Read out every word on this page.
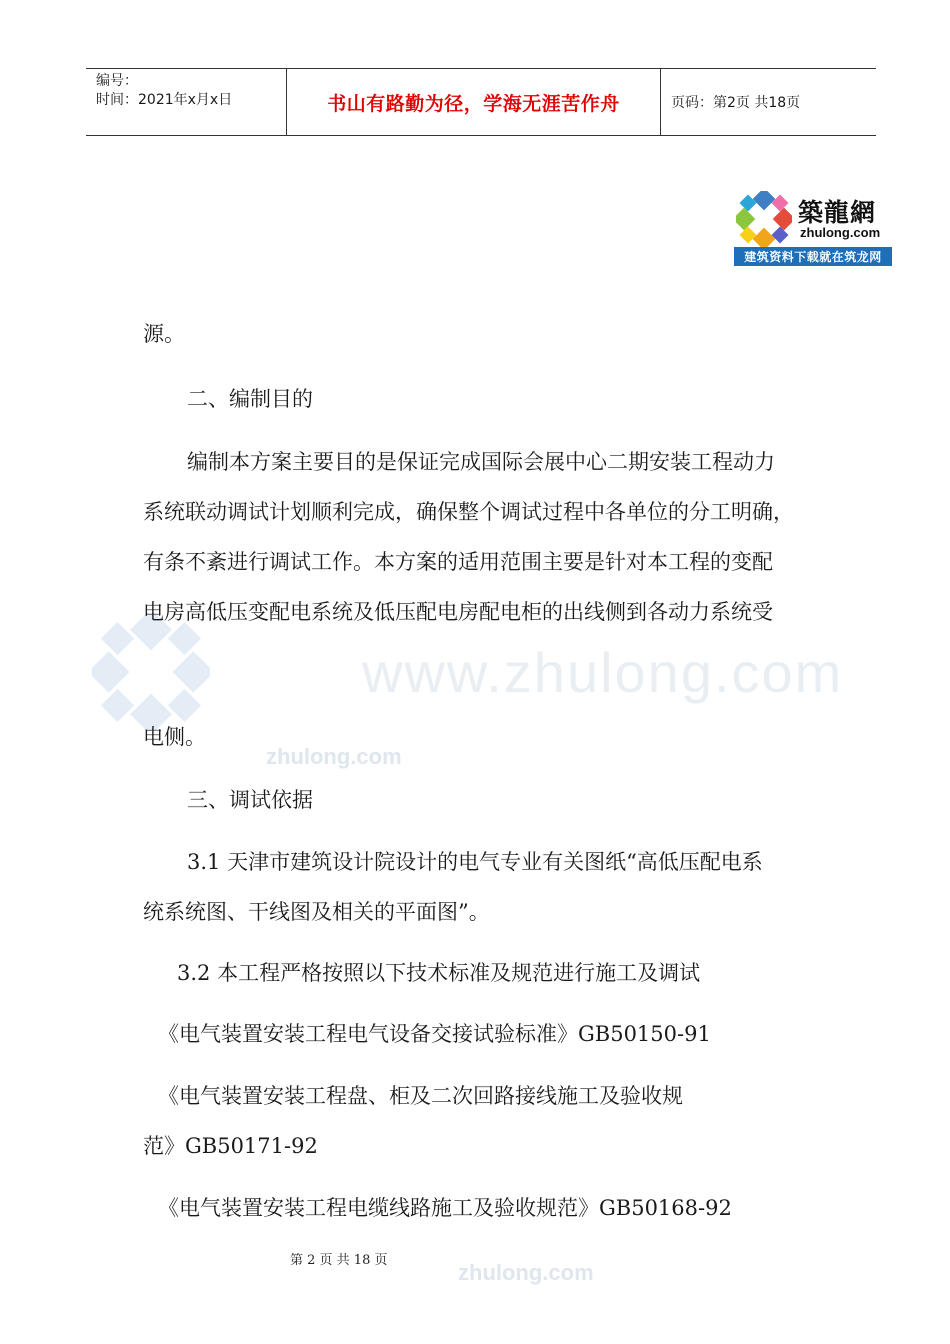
编号：
时间：2021年x月x日	书山有路勤为径，学海无涯苦作舟	页码：第2页 共18页
築龍網
zhulong.com
建筑资料下载就在筑龙网
www.zhulong.com
zhulong.com
zhulong.com
源。
二、编制目的
编制本方案主要目的是保证完成国际会展中心二期安装工程动力
系统联动调试计划顺利完成，确保整个调试过程中各单位的分工明确，
有条不紊进行调试工作。本方案的适用范围主要是针对本工程的变配
电房高低压变配电系统及低压配电房配电柜的出线侧到各动力系统受
电侧。
三、调试依据
3.1 天津市建筑设计院设计的电气专业有关图纸“高低压配电系
统系统图、干线图及相关的平面图”。
3.2 本工程严格按照以下技术标准及规范进行施工及调试
《电气装置安装工程电气设备交接试验标准》GB50150-91
《电气装置安装工程盘、柜及二次回路接线施工及验收规
范》GB50171-92
《电气装置安装工程电缆线路施工及验收规范》GB50168-92
第 2 页 共 18 页
